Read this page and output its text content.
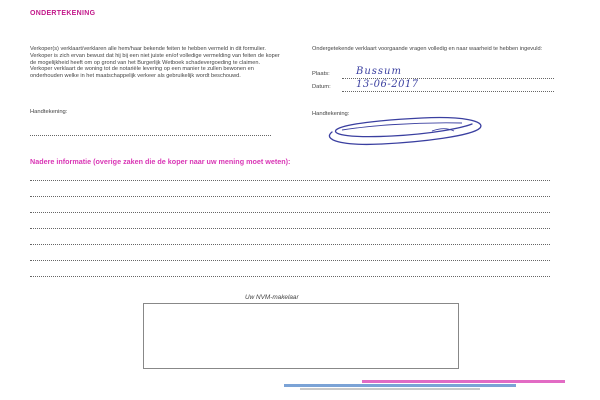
ONDERTEKENING
Verkoper(s) verklaart/verklaren alle hem/haar bekende feiten te hebben vermeld in dit formulier. Verkoper is zich ervan bewust dat hij bij een niet juiste en/of volledige vermelding van feiten de koper de mogelijkheid heeft om op grond van het Burgerlijk Wetboek schadevergoeding te claimen. Verkoper verklaart de woning tot de notariële levering op een manier te zullen bewonen en onderhouden welke in het maatschappelijk verkeer als gebruikelijk wordt beschouwd.
Ondergetekende verklaart voorgaande vragen volledig en naar waarheid te hebben ingevuld:
Plaats:	Bussum
Datum:	13-06-2017
Handtekening:	Handtekening:
Nadere informatie (overige zaken die de koper naar uw mening moet weten):
Uw NVM-makelaar
